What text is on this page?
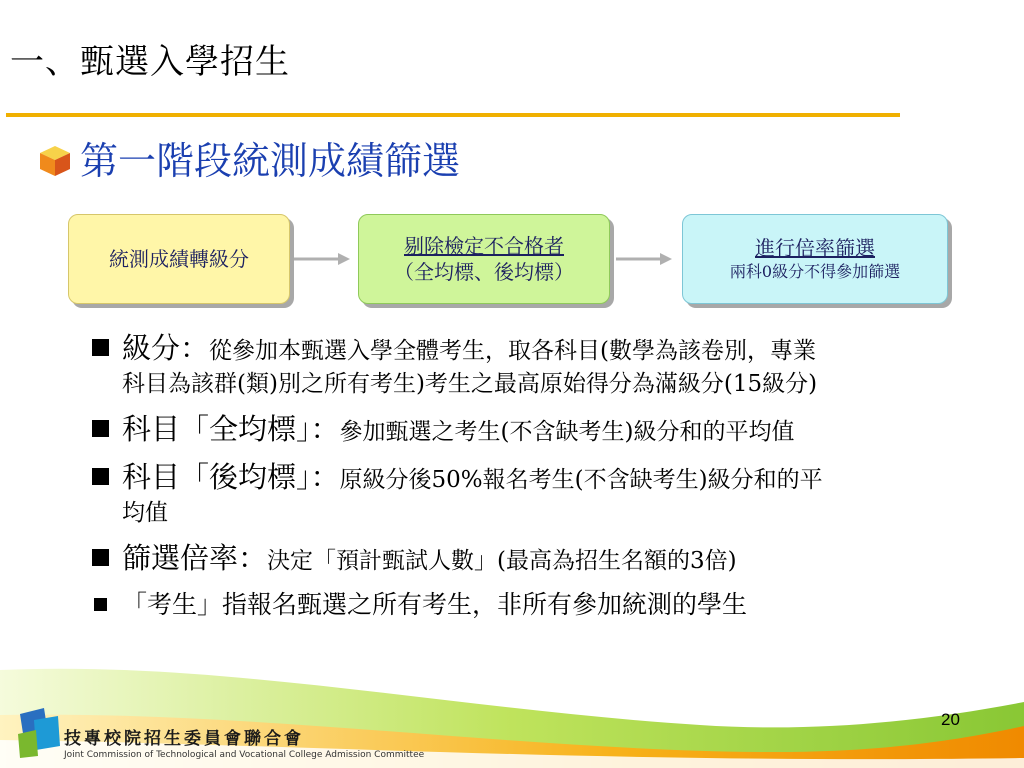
一、甄選入學招生
第一階段統測成績篩選
統測成績轉級分
剔除檢定不合格者
（全均標、後均標）
進行倍率篩選
兩科0級分不得參加篩選
級分：從參加本甄選入學全體考生，取各科目(數學為該卷別，專業
科目為該群(類)別之所有考生)考生之最高原始得分為滿級分(15級分)
科目「全均標」：參加甄選之考生(不含缺考生)級分和的平均值
科目「後均標」：原級分後50%報名考生(不含缺考生)級分和的平
均值
篩選倍率：決定「預計甄試人數」(最高為招生名額的3倍)
「考生」指報名甄選之所有考生，非所有參加統測的學生
技專校院招生委員會聯合會
Joint Commission of Technological and Vocational College Admission Committee
20
